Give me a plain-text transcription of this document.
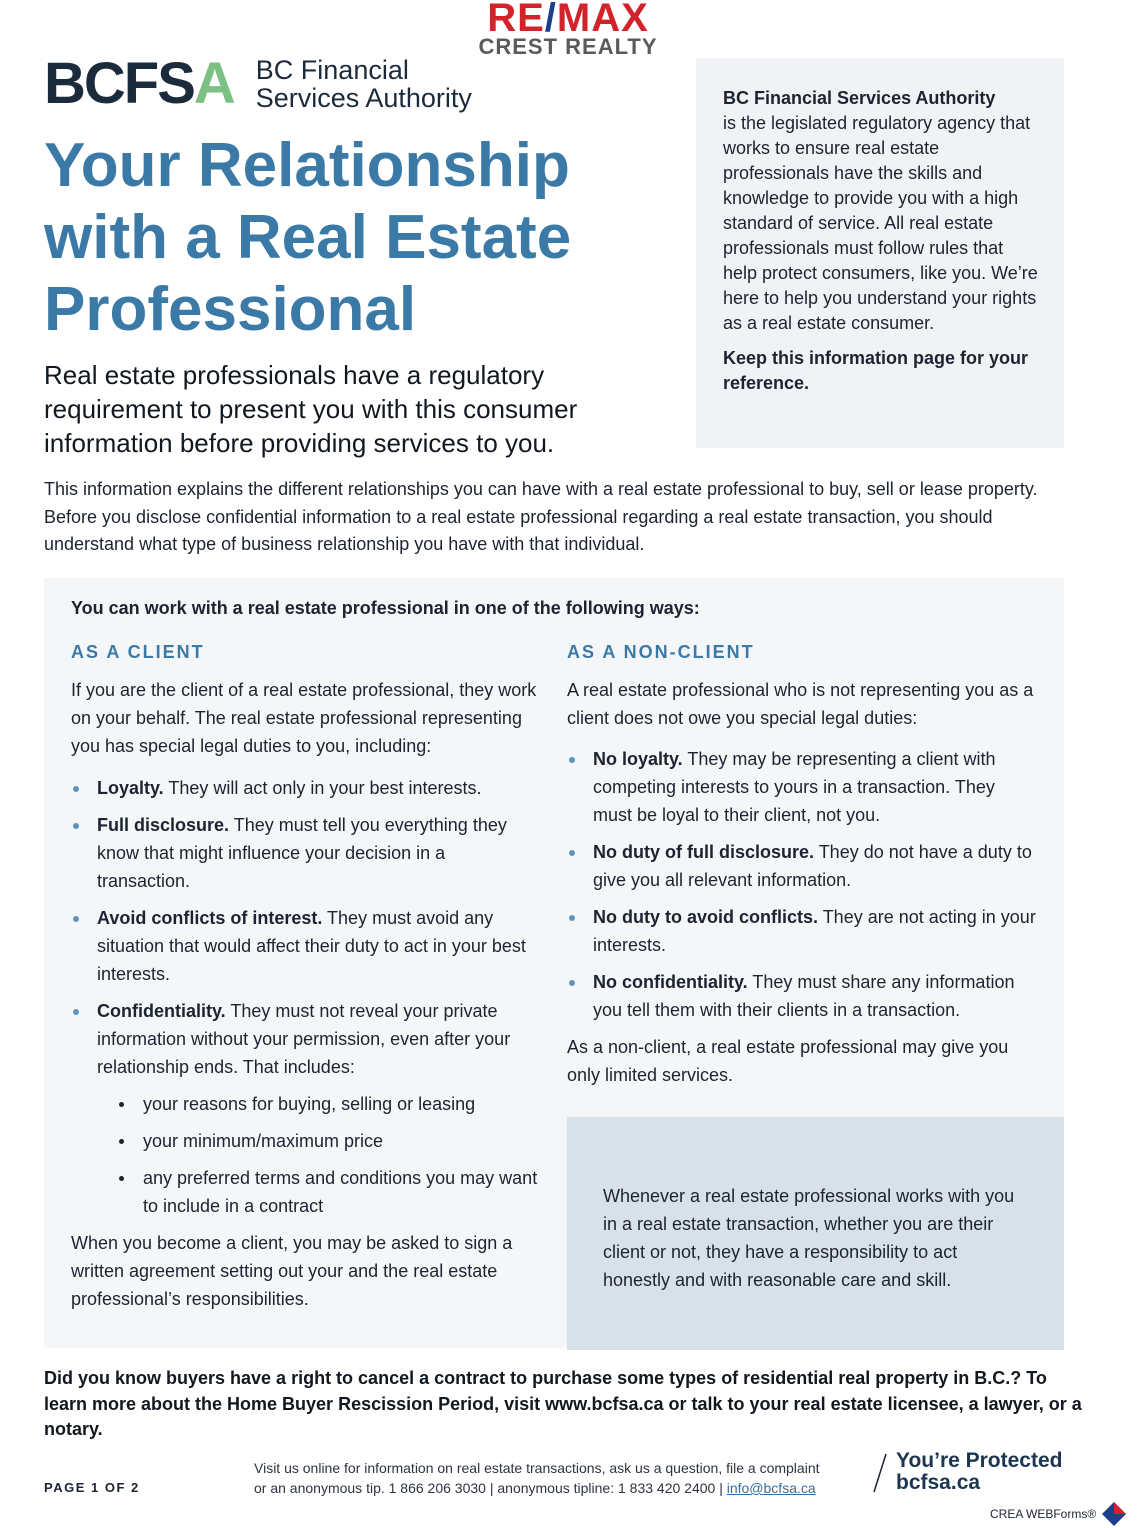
RE/MAX
CREST REALTY
BCFSA BC Financial
Services Authority
Your Relationship
with a Real Estate
Professional
Real estate professionals have a regulatory requirement to present you with this consumer information before providing services to you.

BC Financial Services Authority
is the legislated regulatory agency that works to ensure real estate professionals have the skills and knowledge to provide you with a high standard of service. All real estate professionals must follow rules that help protect consumers, like you. We’re here to help you understand your rights as a real estate consumer.

Keep this information page for your reference.

This information explains the different relationships you can have with a real estate professional to buy, sell or lease property. Before you disclose confidential information to a real estate professional regarding a real estate transaction, you should understand what type of business relationship you have with that individual.

You can work with a real estate professional in one of the following ways:
AS A CLIENT

If you are the client of a real estate professional, they work on your behalf. The real estate professional representing you has special legal duties to you, including:

Loyalty. They will act only in your best interests.
Full disclosure. They must tell you everything they know that might influence your decision in a transaction.
Avoid conflicts of interest. They must avoid any situation that would affect their duty to act in your best interests.
Confidentiality. They must not reveal your private information without your permission, even after your relationship ends. That includes:
your reasons for buying, selling or leasing
your minimum/maximum price
any preferred terms and conditions you may want to include in a contract

When you become a client, you may be asked to sign a written agreement setting out your and the real estate professional’s responsibilities.

AS A NON-CLIENT

A real estate professional who is not representing you as a client does not owe you special legal duties:

No loyalty. They may be representing a client with competing interests to yours in a transaction. They must be loyal to their client, not you.
No duty of full disclosure. They do not have a duty to give you all relevant information.
No duty to avoid conflicts. They are not acting in your interests.
No confidentiality. They must share any information you tell them with their clients in a transaction.

As a non-client, a real estate professional may give you only limited services.

Whenever a real estate professional works with you in a real estate transaction, whether you are their client or not, they have a responsibility to act honestly and with reasonable care and skill.

Did you know buyers have a right to cancel a contract to purchase some types of residential real property in B.C.? To learn more about the Home Buyer Rescission Period, visit www.bcfsa.ca or talk to your real estate licensee, a lawyer, or a notary.

PAGE 1 OF 2
Visit us online for information on real estate transactions, ask us a question, file a complaint
or an anonymous tip. 1 866 206 3030 | anonymous tipline: 1 833 420 2400 | info@bcfsa.ca
You’re Protected
bcfsa.ca
CREA WEBForms®
